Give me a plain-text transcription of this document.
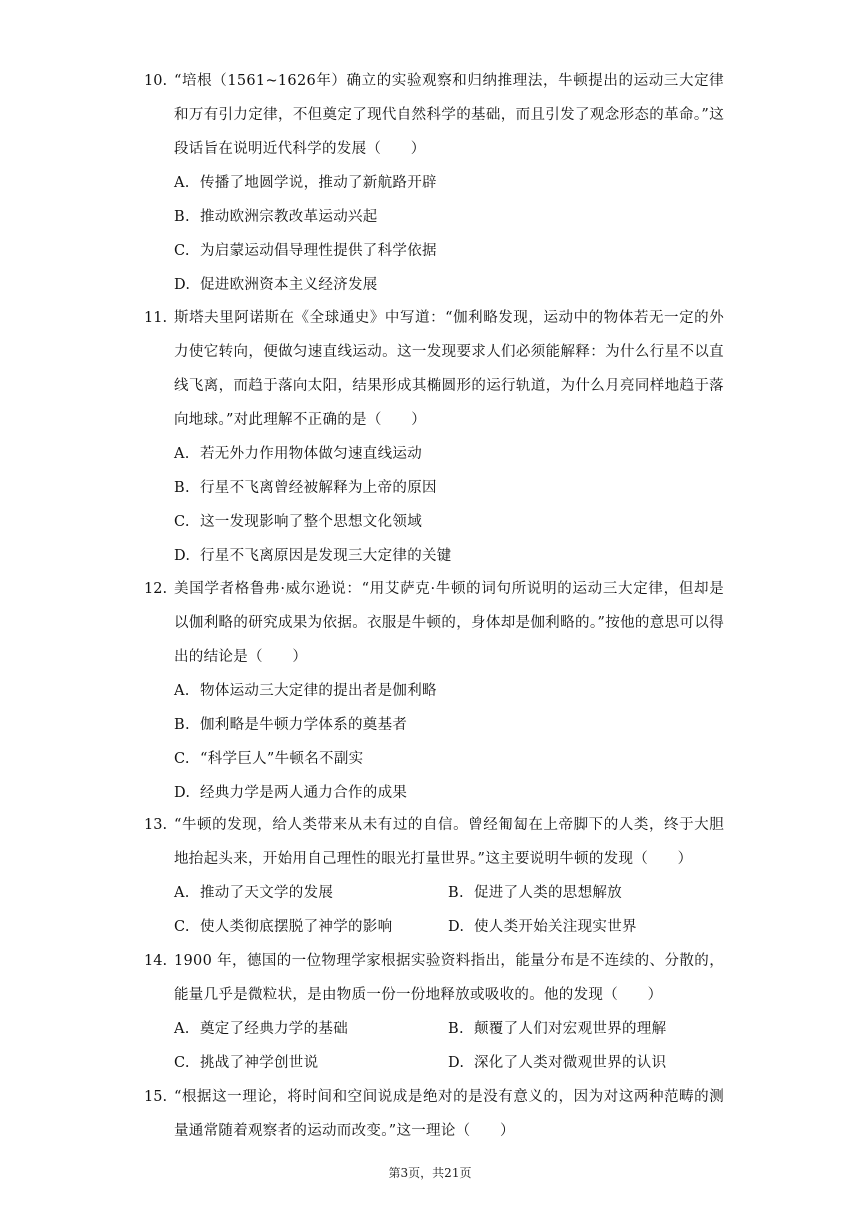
10. “培根（1561~1626年）确立的实验观察和归纳推理法，牛顿提出的运动三大定律和万有引力定律，不但奠定了现代自然科学的基础，而且引发了观念形态的革命。”这段话旨在说明近代科学的发展（　　）
A. 传播了地圆学说，推动了新航路开辟
B. 推动欧洲宗教改革运动兴起
C. 为启蒙运动倡导理性提供了科学依据
D. 促进欧洲资本主义经济发展
11. 斯塔夫里阿诺斯在《全球通史》中写道：“伽利略发现，运动中的物体若无一定的外力使它转向，便做匀速直线运动。这一发现要求人们必须能解释：为什么行星不以直线飞离，而趋于落向太阳，结果形成其椭圆形的运行轨道，为什么月亮同样地趋于落向地球。”对此理解不正确的是（　　）
A. 若无外力作用物体做匀速直线运动
B. 行星不飞离曾经被解释为上帝的原因
C. 这一发现影响了整个思想文化领域
D. 行星不飞离原因是发现三大定律的关键
12. 美国学者格鲁弗·威尔逊说：“用艾萨克·牛顿的词句所说明的运动三大定律，但却是以伽利略的研究成果为依据。衣服是牛顿的，身体却是伽利略的。”按他的意思可以得出的结论是（　　）
A. 物体运动三大定律的提出者是伽利略
B. 伽利略是牛顿力学体系的奠基者
C. “科学巨人”牛顿名不副实
D. 经典力学是两人通力合作的成果
13. “牛顿的发现，给人类带来从未有过的自信。曾经匍匐在上帝脚下的人类，终于大胆地抬起头来，开始用自己理性的眼光打量世界。”这主要说明牛顿的发现（　　）
A. 推动了天文学的发展	B. 促进了人类的思想解放
C. 使人类彻底摆脱了神学的影响	D. 使人类开始关注现实世界
14. 1900 年，德国的一位物理学家根据实验资料指出，能量分布是不连续的、分散的，能量几乎是微粒状，是由物质一份一份地释放或吸收的。他的发现（　　）
A. 奠定了经典力学的基础	B. 颠覆了人们对宏观世界的理解
C. 挑战了神学创世说	D. 深化了人类对微观世界的认识
15. “根据这一理论，将时间和空间说成是绝对的是没有意义的，因为对这两种范畴的测量通常随着观察者的运动而改变。”这一理论（　　）
第3页，共21页
